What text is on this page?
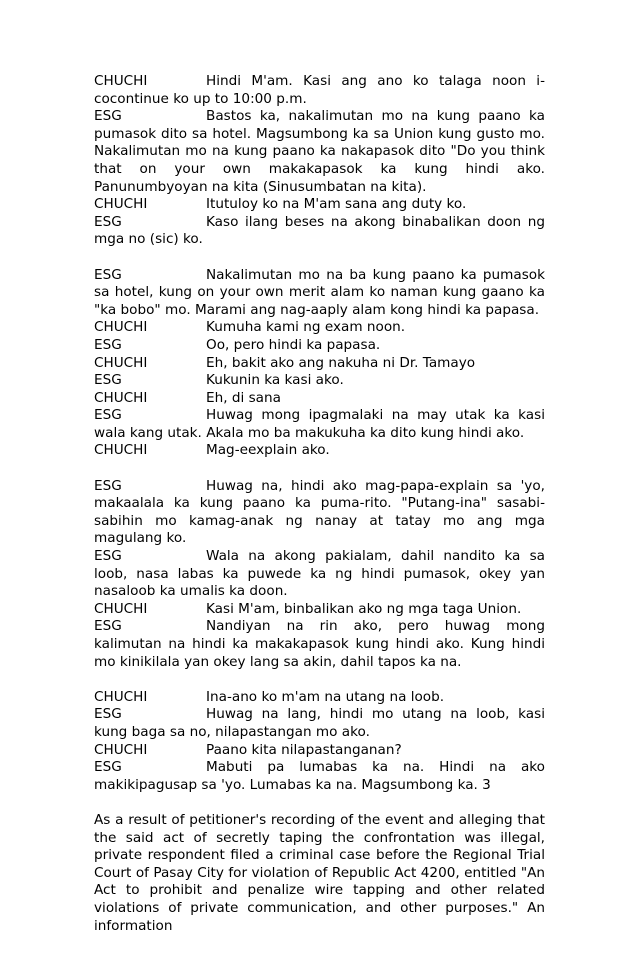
CHUCHI	Hindi M'am. Kasi ang ano ko talaga noon i-cocontinue ko up to 10:00 p.m.

ESG	Bastos ka, nakalimutan mo na kung paano ka pumasok dito sa hotel. Magsumbong ka sa Union kung gusto mo. Nakalimutan mo na kung paano ka nakapasok dito "Do you think that on your own makakapasok ka kung hindi ako. Panunumbyoyan na kita (Sinusumbatan na kita).

CHUCHI	Itutuloy ko na M'am sana ang duty ko.

ESG	Kaso ilang beses na akong binabalikan doon ng mga no (sic) ko.

ESG	Nakalimutan mo na ba kung paano ka pumasok sa hotel, kung on your own merit alam ko naman kung gaano ka "ka bobo" mo. Marami ang nag-aaply alam kong hindi ka papasa.

CHUCHI	Kumuha kami ng exam noon.

ESG	Oo, pero hindi ka papasa.

CHUCHI	Eh, bakit ako ang nakuha ni Dr. Tamayo

ESG	Kukunin ka kasi ako.

CHUCHI	Eh, di sana

ESG	Huwag mong ipagmalaki na may utak ka kasi wala kang utak. Akala mo ba makukuha ka dito kung hindi ako.

CHUCHI	Mag-eexplain ako.

ESG	Huwag na, hindi ako mag-papa-explain sa 'yo, makaalala ka kung paano ka puma-rito. "Putang-ina" sasabi-sabihin mo kamag-anak ng nanay at tatay mo ang mga magulang ko.

ESG	Wala na akong pakialam, dahil nandito ka sa loob, nasa labas ka puwede ka ng hindi pumasok, okey yan nasaloob ka umalis ka doon.

CHUCHI	Kasi M'am, binbalikan ako ng mga taga Union.

ESG	Nandiyan na rin ako, pero huwag mong kalimutan na hindi ka makakapasok kung hindi ako. Kung hindi mo kinikilala yan okey lang sa akin, dahil tapos ka na.

CHUCHI	Ina-ano ko m'am na utang na loob.

ESG	Huwag na lang, hindi mo utang na loob, kasi kung baga sa no, nilapastangan mo ako.

CHUCHI	Paano kita nilapastanganan?

ESG	Mabuti pa lumabas ka na. Hindi na ako makikipagusap sa 'yo. Lumabas ka na. Magsumbong ka. 3

As a result of petitioner's recording of the event and alleging that the said act of secretly taping the confrontation was illegal, private respondent filed a criminal case before the Regional Trial Court of Pasay City for violation of Republic Act 4200, entitled "An Act to prohibit and penalize wire tapping and other related violations of private communication, and other purposes." An information
